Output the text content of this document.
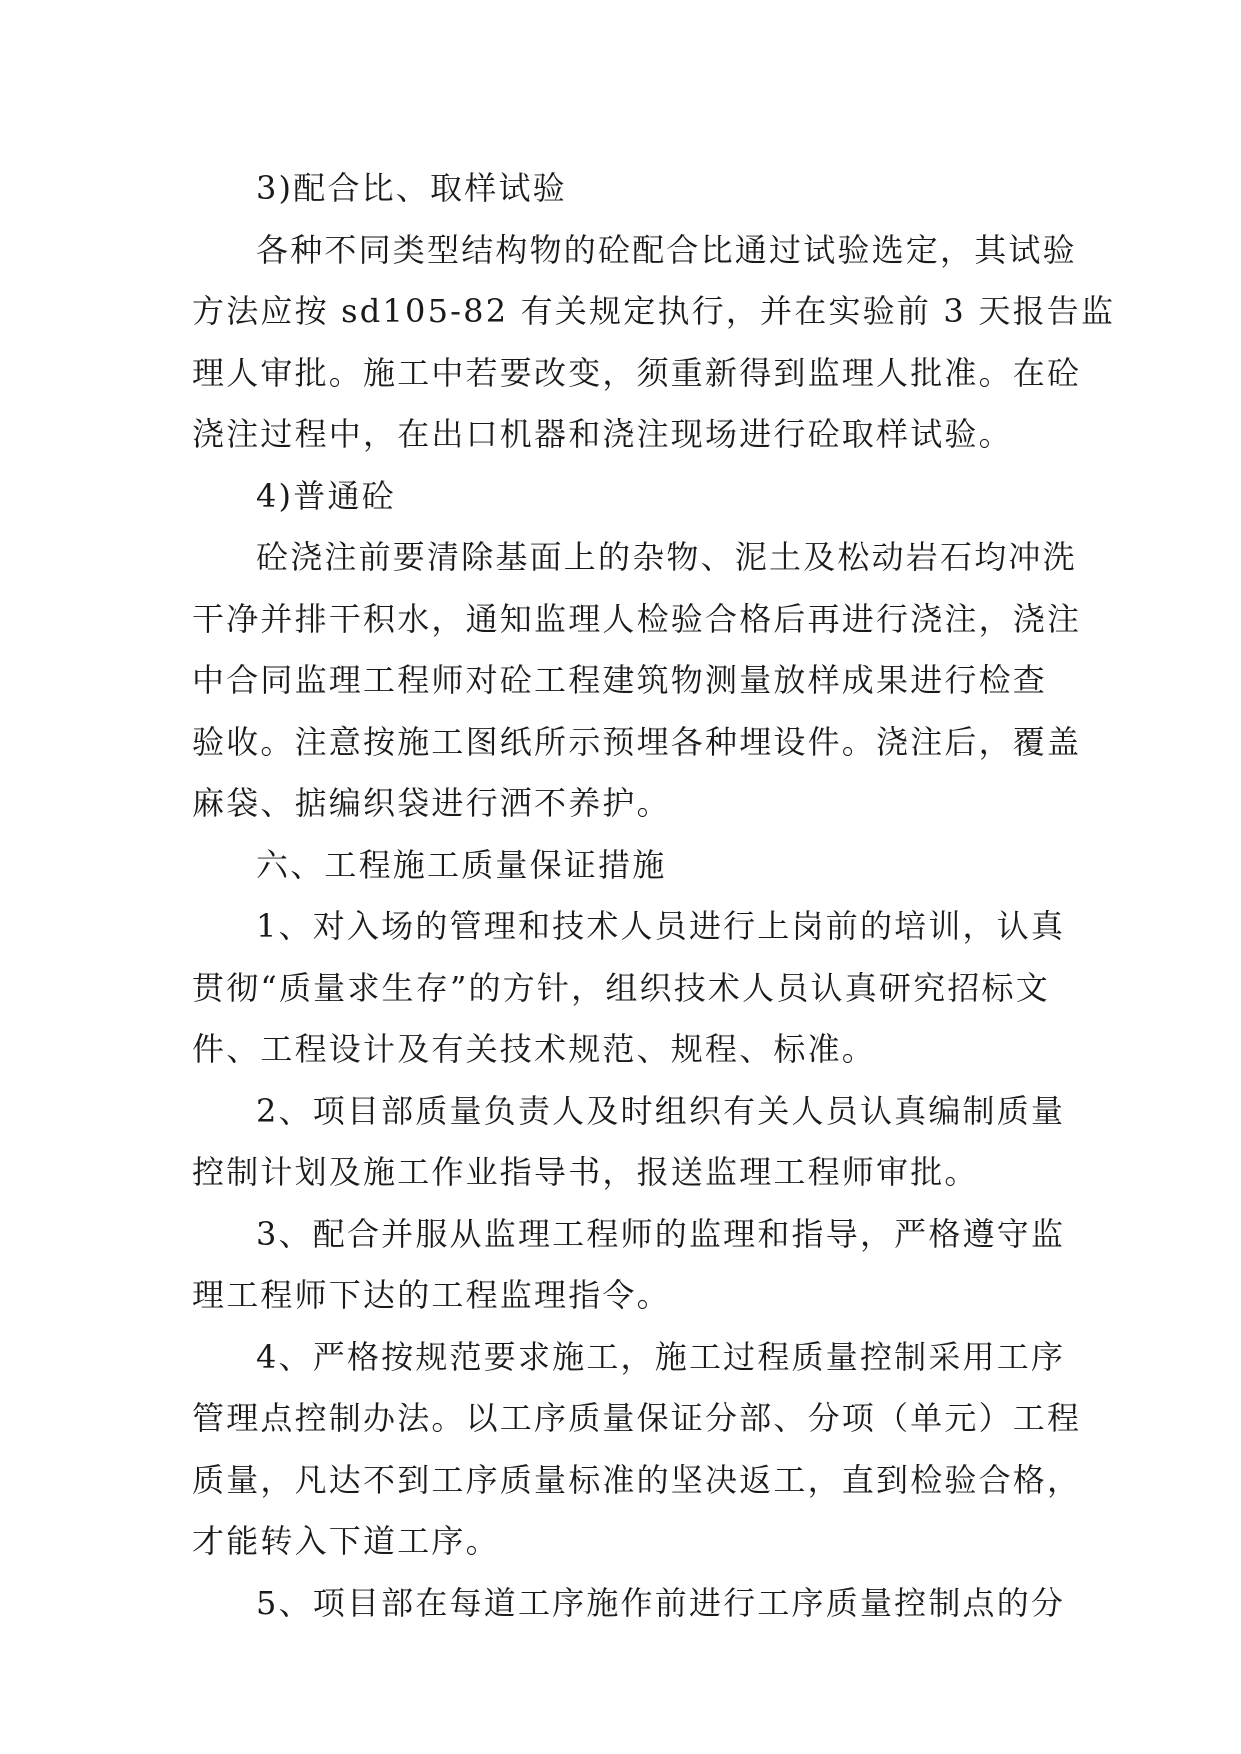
3)配合比、取样试验

各种不同类型结构物的砼配合比通过试验选定，其试验
方法应按 sd105-82 有关规定执行，并在实验前 3 天报告监
理人审批。施工中若要改变，须重新得到监理人批准。在砼
浇注过程中，在出口机器和浇注现场进行砼取样试验。

4)普通砼

砼浇注前要清除基面上的杂物、泥土及松动岩石均冲洗
干净并排干积水，通知监理人检验合格后再进行浇注，浇注
中合同监理工程师对砼工程建筑物测量放样成果进行检查
验收。注意按施工图纸所示预埋各种埋设件。浇注后，覆盖
麻袋、掂编织袋进行洒不养护。

六、工程施工质量保证措施

1、对入场的管理和技术人员进行上岗前的培训，认真
贯彻“质量求生存”的方针，组织技术人员认真研究招标文
件、工程设计及有关技术规范、规程、标准。

2、项目部质量负责人及时组织有关人员认真编制质量
控制计划及施工作业指导书，报送监理工程师审批。

3、配合并服从监理工程师的监理和指导，严格遵守监
理工程师下达的工程监理指令。

4、严格按规范要求施工，施工过程质量控制采用工序
管理点控制办法。以工序质量保证分部、分项（单元）工程
质量，凡达不到工序质量标准的坚决返工，直到检验合格，
才能转入下道工序。

5、项目部在每道工序施作前进行工序质量控制点的分
